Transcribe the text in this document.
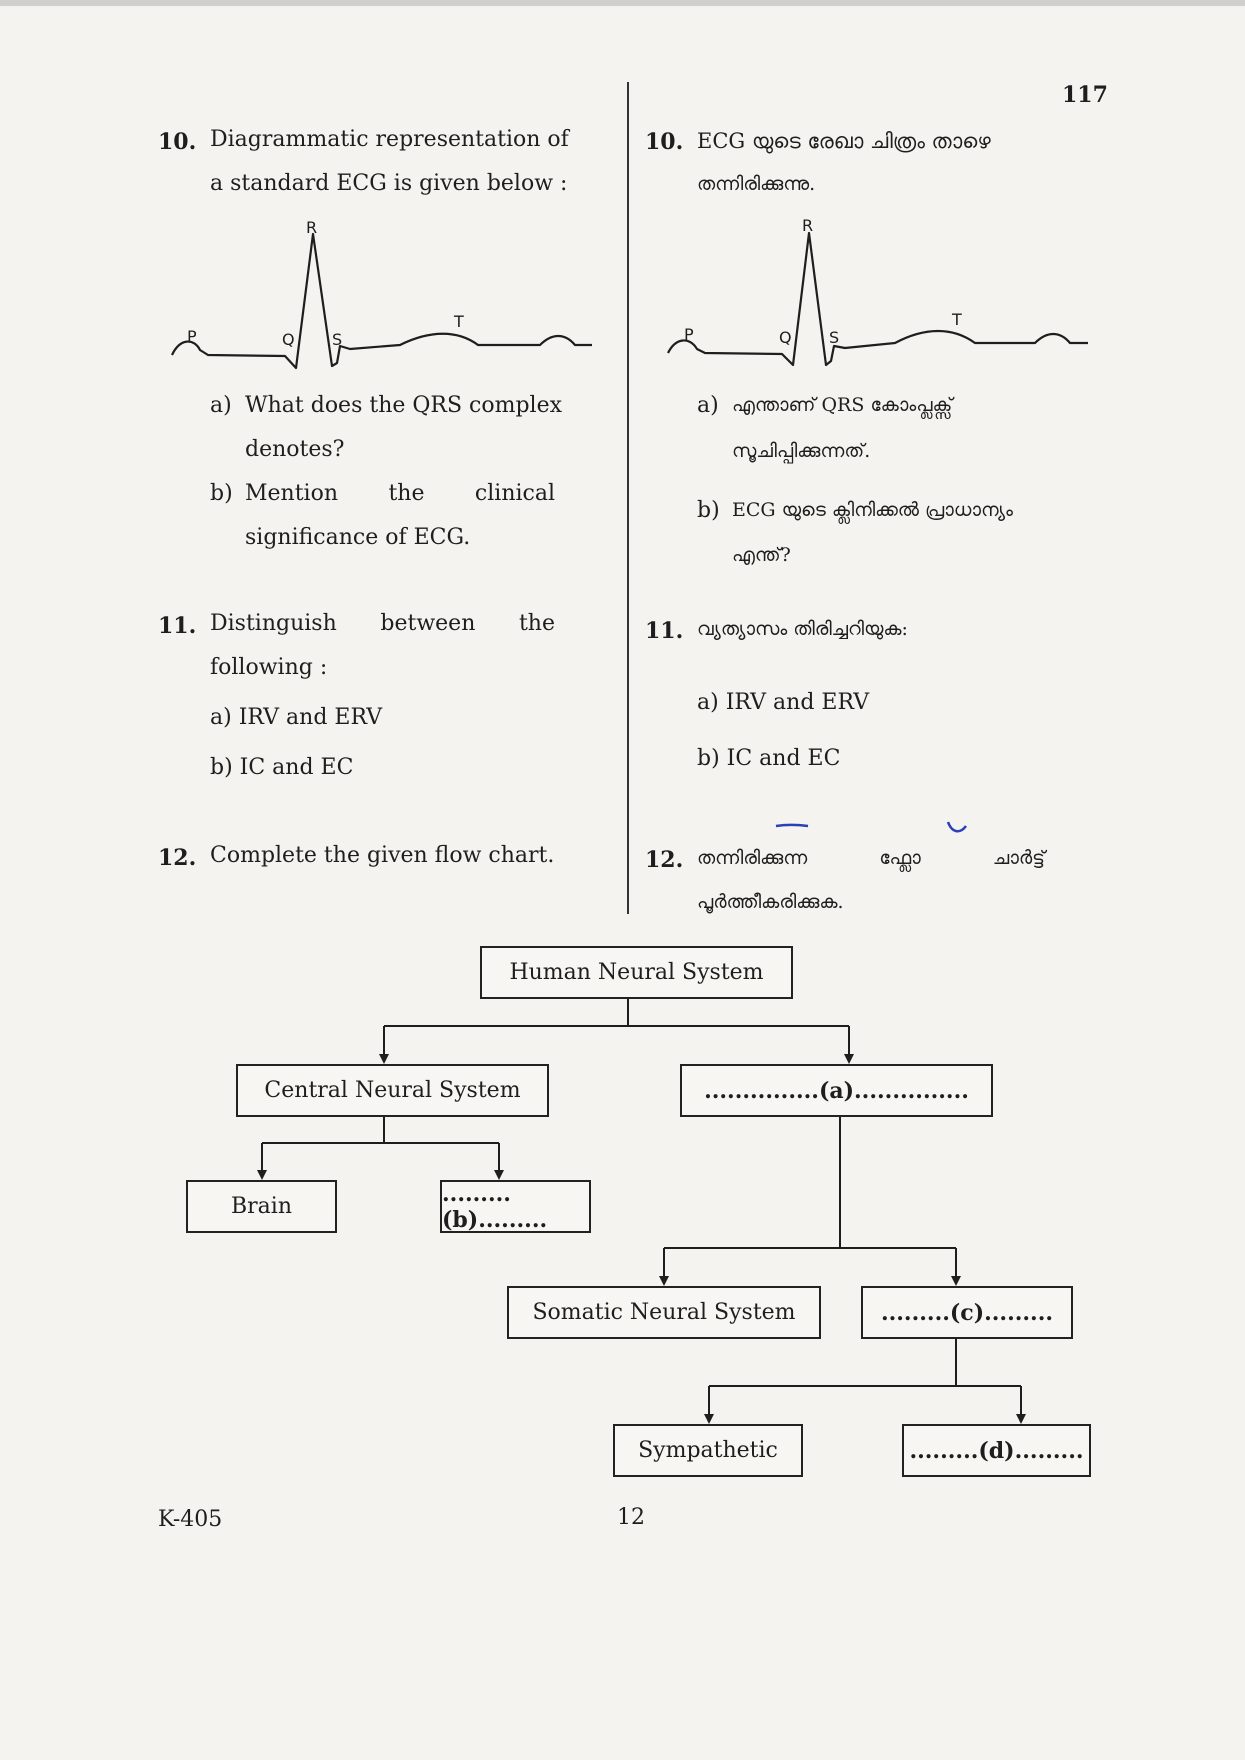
117
10. Diagrammatic representation of
a standard ECG is given below :
a) What does the QRS complex
denotes?
b) Mention the clinical
significance of ECG.
11. Distinguish between the
following :
a) IRV and ERV
b) IC and EC
12. Complete the given flow chart.
10. ECG യുടെ രേഖാ ചിത്രം താഴെ
തന്നിരിക്കുന്നു.
a) എന്താണ് QRS കോംപ്ലക്സ്
സൂചിപ്പിക്കുന്നത്.
b) ECG യുടെ ക്ലിനിക്കൽ പ്രാധാന്യം
എന്ത്?
11. വ്യത്യാസം തിരിച്ചറിയുക:
a) IRV and ERV
b) IC and EC
12. തന്നിരിക്കുന്ന	ഫ്ലോ	ചാർട്ട്
പൂർത്തീകരിക്കുക.
P	Q
R
S
T
P	Q
R
S
T
Human Neural System
Central Neural System	...............(a)...............
Brain	.........(b).........
Somatic Neural System	.........(c).........
Sympathetic	.........(d).........
K-405	12
